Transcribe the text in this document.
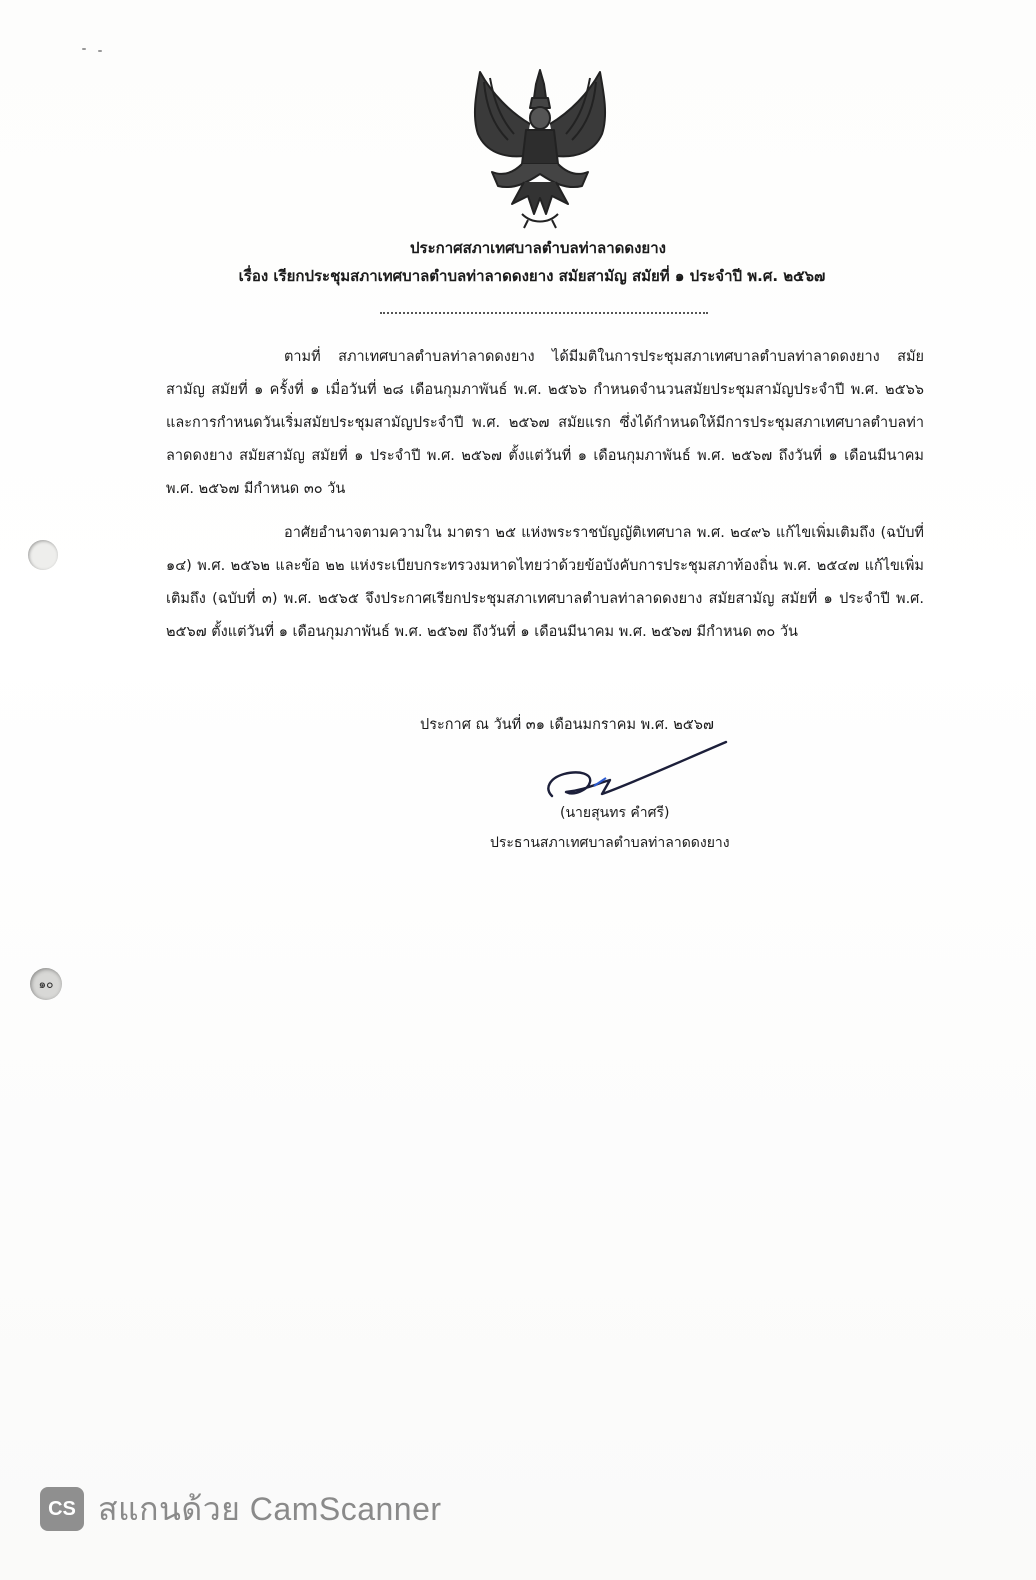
ประกาศสภาเทศบาลตำบลท่าลาดดงยาง
เรื่อง เรียกประชุมสภาเทศบาลตำบลท่าลาดดงยาง สมัยสามัญ สมัยที่ ๑ ประจำปี พ.ศ. ๒๕๖๗
ตามที่ สภาเทศบาลตำบลท่าลาดดงยาง ได้มีมติในการประชุมสภาเทศบาลตำบลท่าลาดดงยาง สมัยสามัญ สมัยที่ ๑ ครั้งที่ ๑ เมื่อวันที่ ๒๘ เดือนกุมภาพันธ์ พ.ศ. ๒๕๖๖ กำหนดจำนวนสมัยประชุมสามัญประจำปี พ.ศ. ๒๕๖๖ และการกำหนดวันเริ่มสมัยประชุมสามัญประจำปี พ.ศ. ๒๕๖๗ สมัยแรก ซึ่งได้กำหนดให้มีการประชุมสภาเทศบาลตำบลท่าลาดดงยาง สมัยสามัญ สมัยที่ ๑ ประจำปี พ.ศ. ๒๕๖๗ ตั้งแต่วันที่ ๑ เดือนกุมภาพันธ์ พ.ศ. ๒๕๖๗ ถึงวันที่ ๑ เดือนมีนาคม พ.ศ. ๒๕๖๗ มีกำหนด ๓๐ วัน
อาศัยอำนาจตามความใน มาตรา ๒๕ แห่งพระราชบัญญัติเทศบาล พ.ศ. ๒๔๙๖ แก้ไขเพิ่มเติมถึง (ฉบับที่ ๑๔) พ.ศ. ๒๕๖๒ และข้อ ๒๒ แห่งระเบียบกระทรวงมหาดไทยว่าด้วยข้อบังคับการประชุมสภาท้องถิ่น พ.ศ. ๒๕๔๗ แก้ไขเพิ่มเติมถึง (ฉบับที่ ๓) พ.ศ. ๒๕๖๕ จึงประกาศเรียกประชุมสภาเทศบาลตำบลท่าลาดดงยาง สมัยสามัญ สมัยที่ ๑ ประจำปี พ.ศ. ๒๕๖๗ ตั้งแต่วันที่ ๑ เดือนกุมภาพันธ์ พ.ศ. ๒๕๖๗ ถึงวันที่ ๑ เดือนมีนาคม พ.ศ. ๒๕๖๗ มีกำหนด ๓๐ วัน
ประกาศ ณ วันที่ ๓๑ เดือนมกราคม พ.ศ. ๒๕๖๗
(นายสุนทร คำศรี)
ประธานสภาเทศบาลตำบลท่าลาดดงยาง
๑๐
CS สแกนด้วย CamScanner
